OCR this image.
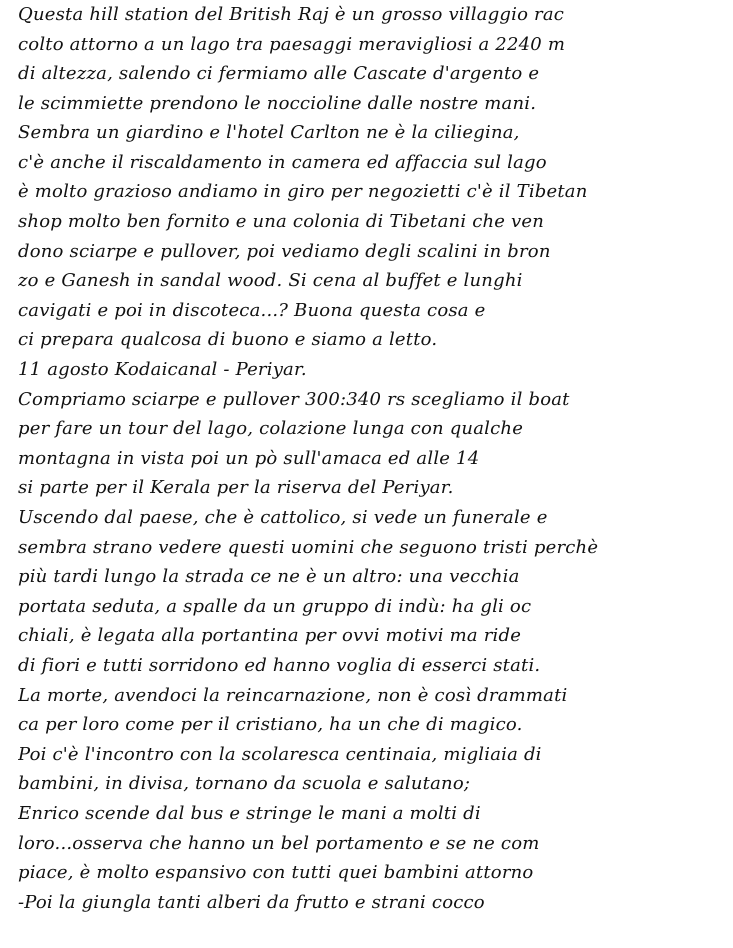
Questa hill station del British Raj è un grosso villaggio rac
colto attorno a un lago tra paesaggi meravigliosi a 2240 m
di altezza, salendo ci fermiamo alle Cascate d'argento e
le scimmiette prendono le noccioline dalle nostre mani.
Sembra un giardino e l'hotel Carlton ne è la ciliegina,
c'è anche il riscaldamento in camera ed affaccia sul lago
è molto grazioso andiamo in giro per negozietti c'è il Tibetan
shop molto ben fornito e una colonia di Tibetani che ven
dono sciarpe e pullover, poi vediamo degli scalini in bron
zo e Ganesh in sandal wood. Si cena al buffet e lunghi
cavigati e poi in discoteca...? Buona questa cosa e
ci prepara qualcosa di buono e siamo a letto.
11 agosto Kodaicanal - Periyar.
Compriamo sciarpe e pullover 300:340 rs scegliamo il boat
per fare un tour del lago, colazione lunga con qualche
montagna in vista poi un pò sull'amaca ed alle 14
si parte per il Kerala per la riserva del Periyar.
Uscendo dal paese, che è cattolico, si vede un funerale e
sembra strano vedere questi uomini che seguono tristi perchè
più tardi lungo la strada ce ne è un altro: una vecchia
portata seduta, a spalle da un gruppo di indù: ha gli oc
chiali, è legata alla portantina per ovvi motivi ma ride
di fiori e tutti sorridono ed hanno voglia di esserci stati.
La morte, avendoci la reincarnazione, non è così drammati
ca per loro come per il cristiano, ha un che di magico.
Poi c'è l'incontro con la scolaresca centinaia, migliaia di
bambini, in divisa, tornano da scuola e salutano;
Enrico scende dal bus e stringe le mani a molti di
loro...osserva che hanno un bel portamento e se ne com
piace, è molto espansivo con tutti quei bambini attorno
-Poi la giungla tanti alberi da frutto e strani cocco
